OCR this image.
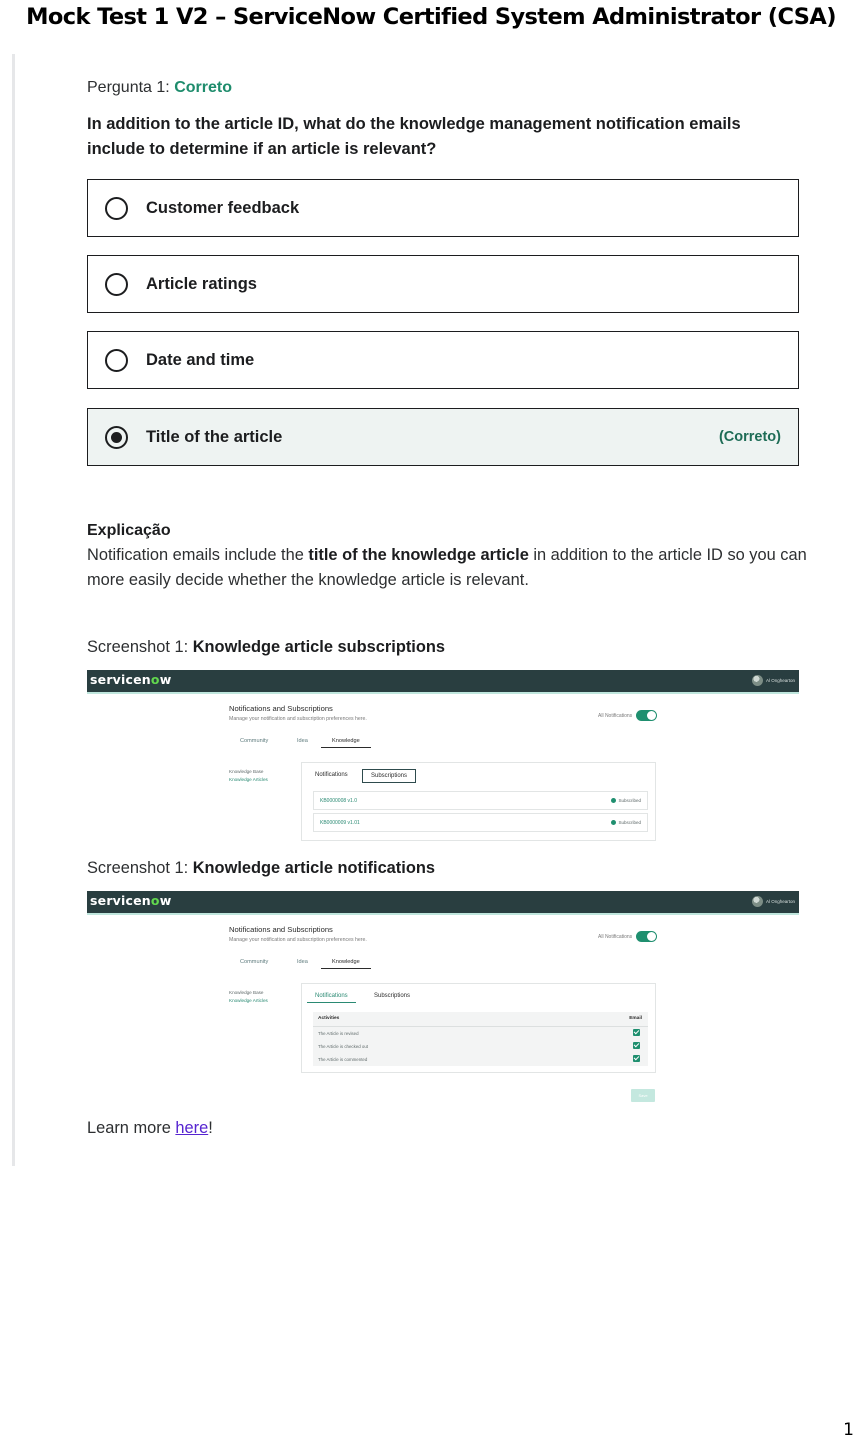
Mock Test 1 V2 – ServiceNow Certified System Administrator (CSA)
Pergunta 1: Correto
In addition to the article ID, what do the knowledge management notification emails include to determine if an article is relevant?
Customer feedback
Article ratings
Date and time
Title of the article	(Correto)
Explicação
Notification emails include the title of the knowledge article in addition to the article ID so you can more easily decide whether the knowledge article is relevant.
Screenshot 1: Knowledge article subscriptions
servicenow	Al Onghearton
Notifications and Subscriptions
Manage your notification and subscription preferences here.	All Notifications
Community	Idea	Knowledge
Knowledge Base
Knowledge Articles
Notifications	Subscriptions
KB0000008 v1.0	Subscribed
KB0000009 v1.01	Subscribed
Screenshot 1: Knowledge article notifications
servicenow	Al Onghearton
Notifications and Subscriptions
Manage your notification and subscription preferences here.	All Notifications
Community	Idea	Knowledge
Knowledge Base
Knowledge Articles
Notifications	Subscriptions
Activities	Email
The Article is revised
The Article is checked out
The Article is commented
Save
Learn more here!
1
